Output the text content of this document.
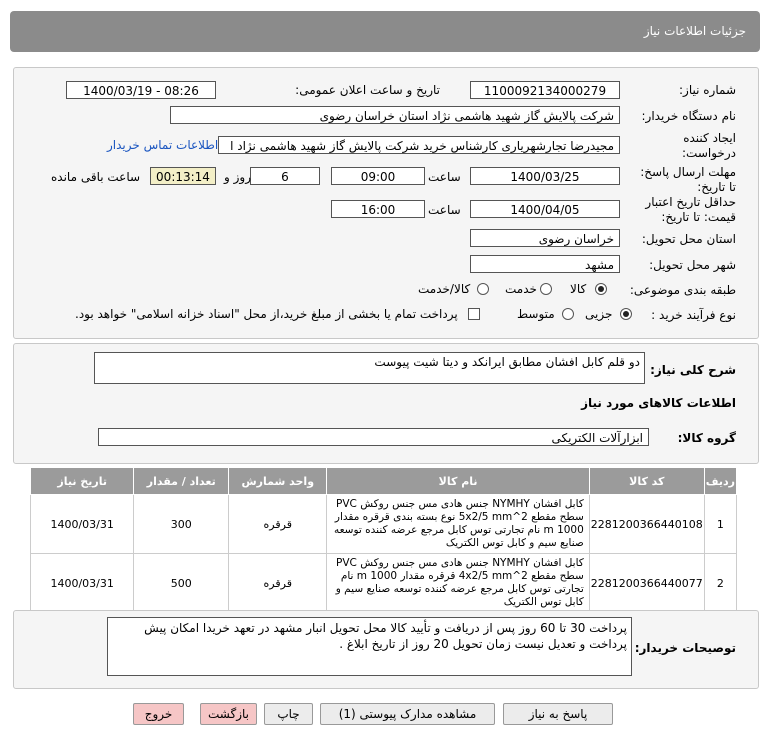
جزئیات اطلاعات نیاز
شماره نیاز:
1100092134000279
تاریخ و ساعت اعلان عمومی:
1400/03/19 - 08:26
نام دستگاه خریدار:
شرکت پالایش گاز شهید هاشمی نژاد استان خراسان رضوی
ایجاد کننده
درخواست:
مجیدرضا تجارشهریاری کارشناس خرید شرکت پالایش گاز شهید هاشمی نژاد ا
اطلاعات تماس خریدار
مهلت ارسال پاسخ:
تا تاریخ:
1400/03/25
ساعت
09:00
6
روز و
00:13:14
ساعت باقی مانده
حداقل تاریخ اعتبار
قیمت: تا تاریخ:
1400/04/05
ساعت
16:00
استان محل تحویل:
خراسان رضوی
شهر محل تحویل:
مشهد
طبقه بندی موضوعی:
کالا
خدمت
کالا/خدمت
نوع فرآیند خرید :
جزیی
متوسط
پرداخت تمام یا بخشی از مبلغ خرید،از محل "اسناد خزانه اسلامی" خواهد بود.
شرح کلی نیاز:
دو قلم کابل افشان مطابق ایرانکد و دیتا شیت پیوست
اطلاعات کالاهای مورد نیاز
گروه کالا:
ابزارآلات الکتریکی
ردیف	کد کالا	نام کالا	واحد شمارش	تعداد / مقدار	تاریخ نیاز
1	2281200366440108	کابل افشان NYMHY جنس هادی مس جنس روکش PVC سطح مقطع 2^5x2/5 mm نوع بسته بندی قرقره مقدار 1000 m نام تجارتی توس کابل مرجع عرضه کننده توسعه صنایع سیم و کابل توس الکتریک	قرقره	300	1400/03/31
2	2281200366440077	کابل افشان NYMHY جنس هادی مس جنس روکش PVC سطح مقطع 2^4x2/5 mm قرقره مقدار 1000 m نام تجارتی توس کابل مرجع عرضه کننده توسعه صنایع سیم و کابل توس الکتریک	قرقره	500	1400/03/31
توصیحات خریدار:
پرداخت 30 تا 60 روز پس از دریافت و تأیید کالا محل تحویل انبار مشهد در تعهد خریدا امکان پیش پرداخت و تعدیل نیست زمان تحویل 20 روز از تاریخ ابلاغ .
پاسخ به نیاز
مشاهده مدارک پیوستی (1)
چاپ
بازگشت
خروج
